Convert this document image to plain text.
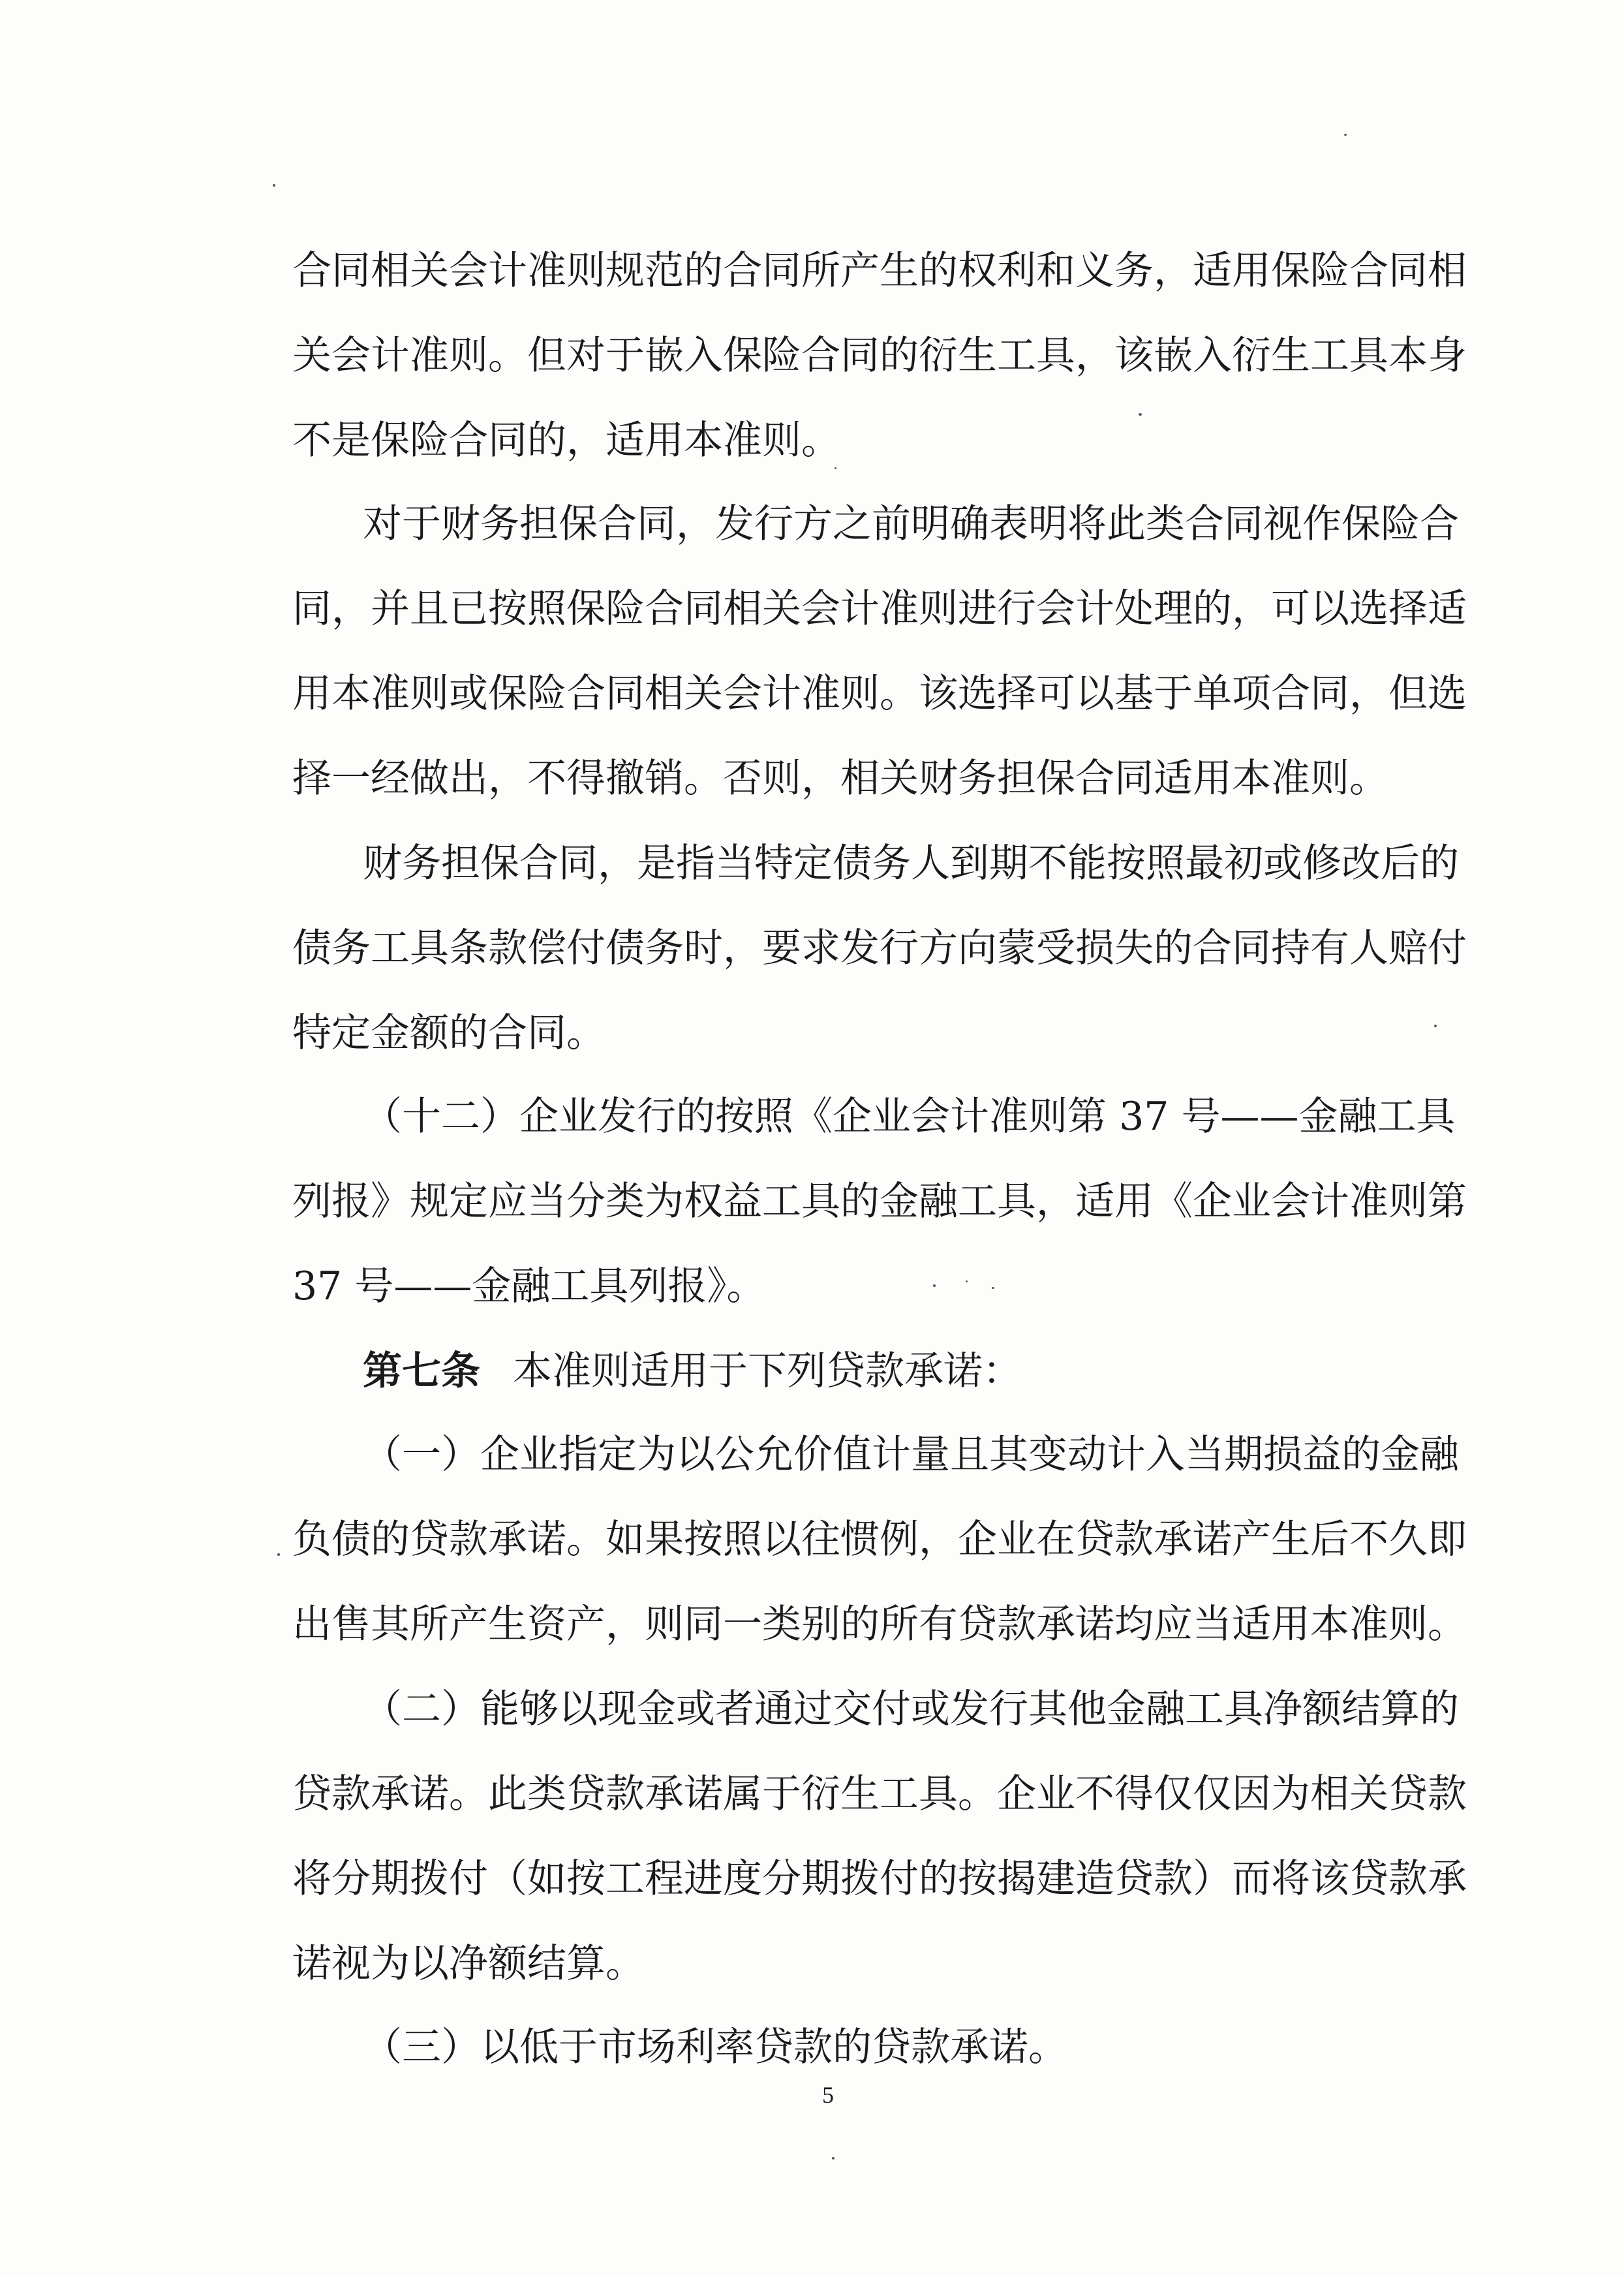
合同相关会计准则规范的合同所产生的权利和义务，适用保险合同相
关会计准则。但对于嵌入保险合同的衍生工具，该嵌入衍生工具本身
不是保险合同的，适用本准则。
对于财务担保合同，发行方之前明确表明将此类合同视作保险合
同，并且已按照保险合同相关会计准则进行会计处理的，可以选择适
用本准则或保险合同相关会计准则。该选择可以基于单项合同，但选
择一经做出，不得撤销。否则，相关财务担保合同适用本准则。
财务担保合同，是指当特定债务人到期不能按照最初或修改后的
债务工具条款偿付债务时，要求发行方向蒙受损失的合同持有人赔付
特定金额的合同。
（十二）企业发行的按照《企业会计准则第 37 号——金融工具
列报》规定应当分类为权益工具的金融工具，适用《企业会计准则第
37 号——金融工具列报》。
第七条 本准则适用于下列贷款承诺：
（一）企业指定为以公允价值计量且其变动计入当期损益的金融
负债的贷款承诺。如果按照以往惯例，企业在贷款承诺产生后不久即
出售其所产生资产，则同一类别的所有贷款承诺均应当适用本准则。
（二）能够以现金或者通过交付或发行其他金融工具净额结算的
贷款承诺。此类贷款承诺属于衍生工具。企业不得仅仅因为相关贷款
将分期拨付（如按工程进度分期拨付的按揭建造贷款）而将该贷款承
诺视为以净额结算。
（三）以低于市场利率贷款的贷款承诺。
5
